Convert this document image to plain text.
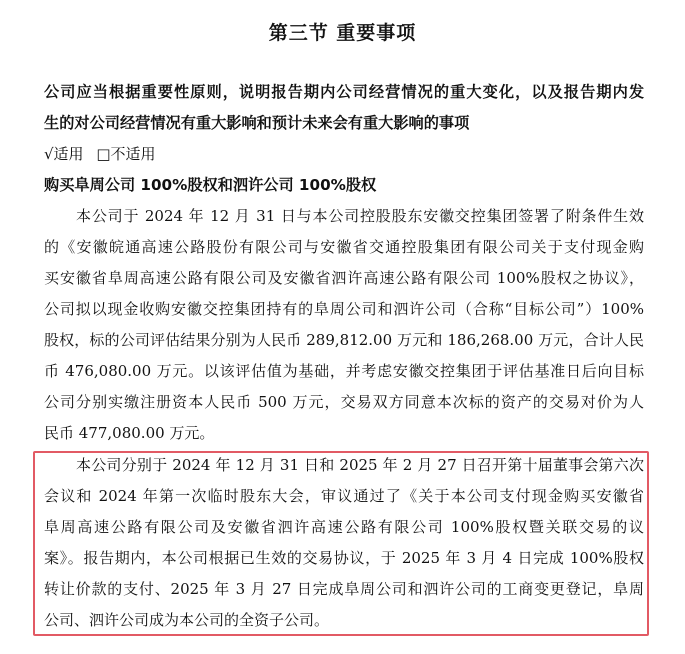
第三节 重要事项
公司应当根据重要性原则，说明报告期内公司经营情况的重大变化，以及报告期内发
生的对公司经营情况有重大影响和预计未来会有重大影响的事项
√适用 □不适用
购买阜周公司 100%股权和泗许公司 100%股权
本公司于 2024 年 12 月 31 日与本公司控股股东安徽交控集团签署了附条件生效
的《安徽皖通高速公路股份有限公司与安徽省交通控股集团有限公司关于支付现金购
买安徽省阜周高速公路有限公司及安徽省泗许高速公路有限公司 100%股权之协议》，
公司拟以现金收购安徽交控集团持有的阜周公司和泗许公司（合称“目标公司”）100%
股权，标的公司评估结果分别为人民币 289,812.00 万元和 186,268.00 万元，合计人民
币 476,080.00 万元。以该评估值为基础，并考虑安徽交控集团于评估基准日后向目标
公司分别实缴注册资本人民币 500 万元，交易双方同意本次标的资产的交易对价为人
民币 477,080.00 万元。
本公司分别于 2024 年 12 月 31 日和 2025 年 2 月 27 日召开第十届董事会第六次
会议和 2024 年第一次临时股东大会，审议通过了《关于本公司支付现金购买安徽省
阜周高速公路有限公司及安徽省泗许高速公路有限公司 100%股权暨关联交易的议
案》。报告期内，本公司根据已生效的交易协议，于 2025 年 3 月 4 日完成 100%股权
转让价款的支付、2025 年 3 月 27 日完成阜周公司和泗许公司的工商变更登记，阜周
公司、泗许公司成为本公司的全资子公司。
